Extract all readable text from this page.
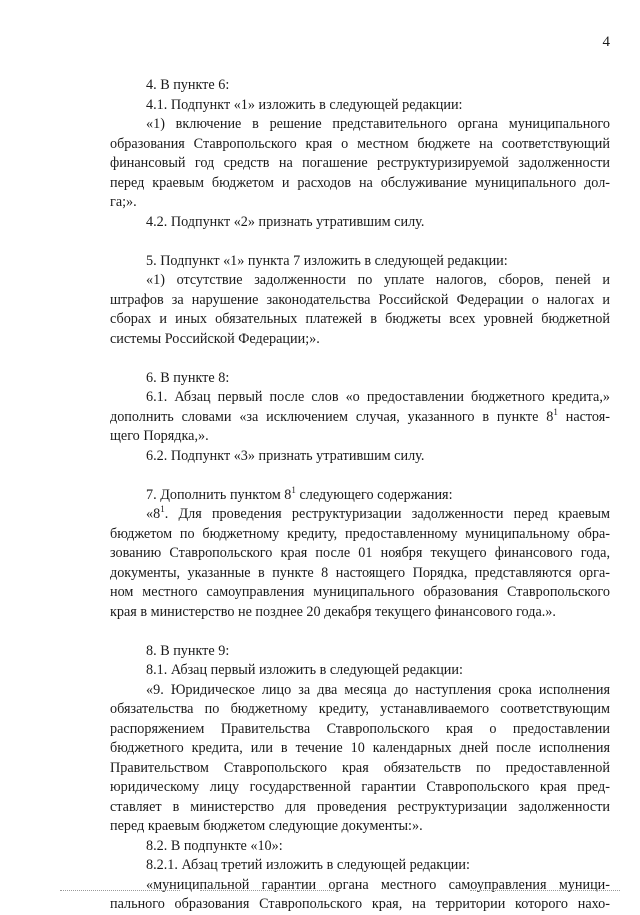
4
4. В пункте 6:
4.1. Подпункт «1» изложить в следующей редакции:
«1) включение в решение представительного органа муниципального
образования Ставропольского края о местном бюджете на соответствующий
финансовый год средств на погашение реструктуризируемой задолженности
перед краевым бюджетом и расходов на обслуживание муниципального дол-
га;».
4.2. Подпункт «2» признать утратившим силу.
5. Подпункт «1» пункта 7 изложить в следующей редакции:
«1) отсутствие задолженности по уплате налогов, сборов, пеней и
штрафов за нарушение законодательства Российской Федерации о налогах и
сборах и иных обязательных платежей в бюджеты всех уровней бюджетной
системы Российской Федерации;».
6. В пункте 8:
6.1. Абзац первый после слов «о предоставлении бюджетного кредита,»
дополнить словами «за исключением случая, указанного в пункте $8^1$ настоя-
щего Порядка,».
6.2. Подпункт «3» признать утратившим силу.
7. Дополнить пунктом $8^1$ следующего содержания:
«$8^1$. Для проведения реструктуризации задолженности перед краевым
бюджетом по бюджетному кредиту, предоставленному муниципальному обра-
зованию Ставропольского края после 01 ноября текущего финансового года,
документы, указанные в пункте 8 настоящего Порядка, представляются орга-
ном местного самоуправления муниципального образования Ставропольского
края в министерство не позднее 20 декабря текущего финансового года.».
8. В пункте 9:
8.1. Абзац первый изложить в следующей редакции:
«9. Юридическое лицо за два месяца до наступления срока исполнения
обязательства по бюджетному кредиту, устанавливаемого соответствующим
распоряжением Правительства Ставропольского края о предоставлении
бюджетного кредита, или в течение 10 календарных дней после исполнения
Правительством Ставропольского края обязательств по предоставленной
юридическому лицу государственной гарантии Ставропольского края пред-
ставляет в министерство для проведения реструктуризации задолженности
перед краевым бюджетом следующие документы:».
8.2. В подпункте «10»:
8.2.1. Абзац третий изложить в следующей редакции:
«муниципальной гарантии органа местного самоуправления муници-
пального образования Ставропольского края, на территории которого нахо-
